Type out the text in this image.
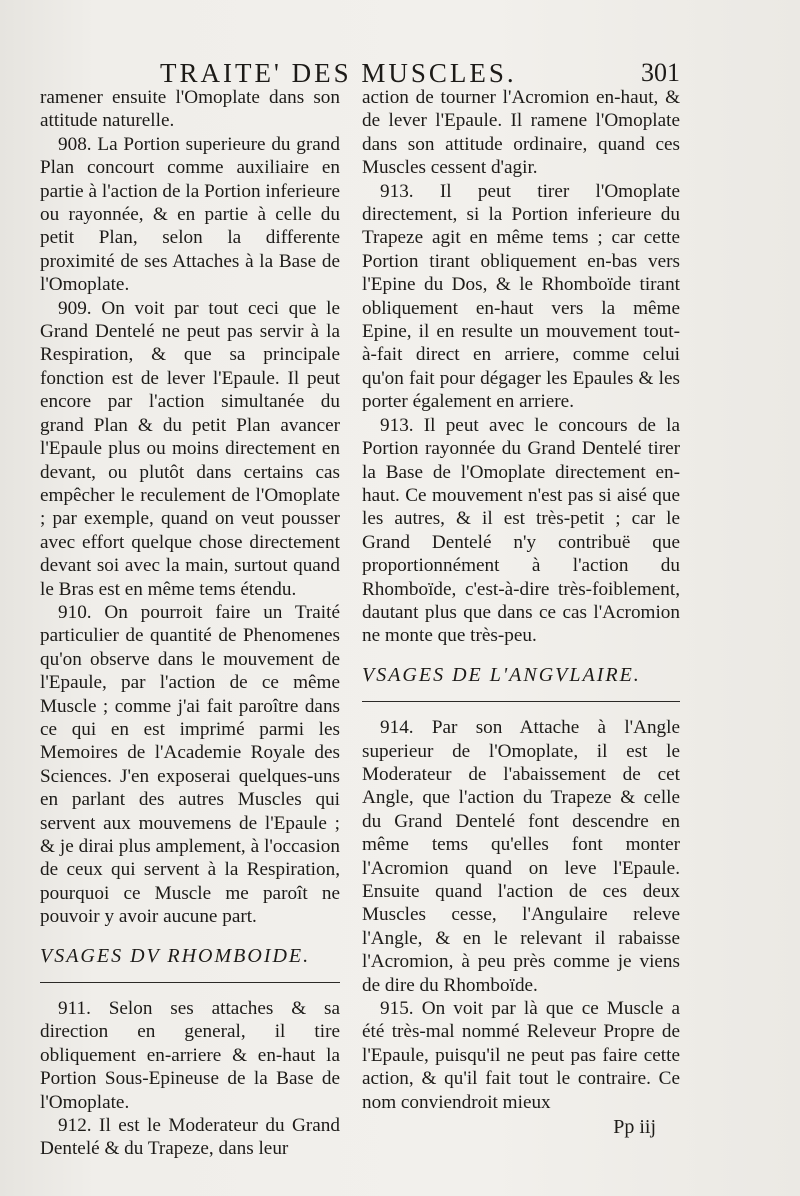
TRAITE' DES MUSCLES.	301

ramener ensuite l'Omoplate dans son attitude naturelle.

908. La Portion superieure du grand Plan concourt comme auxiliaire en partie à l'action de la Portion inferieure ou rayonnée, & en partie à celle du petit Plan, selon la differente proximité de ses Attaches à la Base de l'Omoplate.

909. On voit par tout ceci que le Grand Dentelé ne peut pas servir à la Respiration, & que sa principale fonction est de lever l'Epaule. Il peut encore par l'action simultanée du grand Plan & du petit Plan avancer l'Epaule plus ou moins directement en devant, ou plutôt dans certains cas empêcher le reculement de l'Omoplate ; par exemple, quand on veut pousser avec effort quelque chose directement devant soi avec la main, surtout quand le Bras est en même tems étendu.

910. On pourroit faire un Traité particulier de quantité de Phenomenes qu'on observe dans le mouvement de l'Epaule, par l'action de ce même Muscle ; comme j'ai fait paroître dans ce qui en est imprimé parmi les Memoires de l'Academie Royale des Sciences. J'en exposerai quelques-uns en parlant des autres Muscles qui servent aux mouvemens de l'Epaule ; & je dirai plus amplement, à l'occasion de ceux qui servent à la Respiration, pourquoi ce Muscle me paroît ne pouvoir y avoir aucune part.

VSAGES DV RHOMBOIDE.

911. Selon ses attaches & sa direction en general, il tire obliquement en-arriere & en-haut la Portion Sous-Epineuse de la Base de l'Omoplate.

912. Il est le Moderateur du Grand Dentelé & du Trapeze, dans leur

action de tourner l'Acromion en-haut, & de lever l'Epaule. Il ramene l'Omoplate dans son attitude ordinaire, quand ces Muscles cessent d'agir.

913. Il peut tirer l'Omoplate directement, si la Portion inferieure du Trapeze agit en même tems ; car cette Portion tirant obliquement en-bas vers l'Epine du Dos, & le Rhomboïde tirant obliquement en-haut vers la même Epine, il en resulte un mouvement tout-à-fait direct en arriere, comme celui qu'on fait pour dégager les Epaules & les porter également en arriere.

913. Il peut avec le concours de la Portion rayonnée du Grand Dentelé tirer la Base de l'Omoplate directement en-haut. Ce mouvement n'est pas si aisé que les autres, & il est très-petit ; car le Grand Dentelé n'y contribuë que proportionnément à l'action du Rhomboïde, c'est-à-dire très-foiblement, dautant plus que dans ce cas l'Acromion ne monte que très-peu.

VSAGES DE L'ANGVLAIRE.

914. Par son Attache à l'Angle superieur de l'Omoplate, il est le Moderateur de l'abaissement de cet Angle, que l'action du Trapeze & celle du Grand Dentelé font descendre en même tems qu'elles font monter l'Acromion quand on leve l'Epaule. Ensuite quand l'action de ces deux Muscles cesse, l'Angulaire releve l'Angle, & en le relevant il rabaisse l'Acromion, à peu près comme je viens de dire du Rhomboïde.

915. On voit par là que ce Muscle a été très-mal nommé Releveur Propre de l'Epaule, puisqu'il ne peut pas faire cette action, & qu'il fait tout le contraire. Ce nom conviendroit mieux

Pp iij
